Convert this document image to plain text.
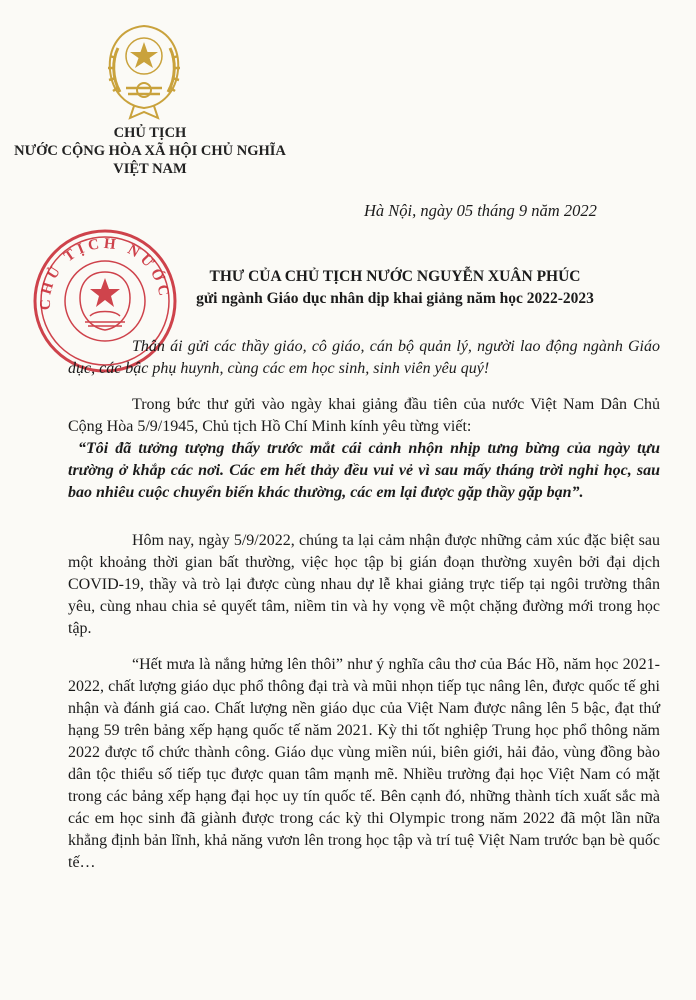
CHỦ TỊCH
NƯỚC CỘNG HÒA XÃ HỘI CHỦ NGHĨA
VIỆT NAM
Hà Nội, ngày 05 tháng 9 năm 2022
CHỦ TỊCH NƯỚC
THƯ CỦA CHỦ TỊCH NƯỚC NGUYỄN XUÂN PHÚC
gửi ngành Giáo dục nhân dịp khai giảng năm học 2022-2023

Thân ái gửi các thầy giáo, cô giáo, cán bộ quản lý, người lao động ngành Giáo dục, các bậc phụ huynh, cùng các em học sinh, sinh viên yêu quý!

Trong bức thư gửi vào ngày khai giảng đầu tiên của nước Việt Nam Dân Chủ Cộng Hòa 5/9/1945, Chủ tịch Hồ Chí Minh kính yêu từng viết:

“Tôi đã tưởng tượng thấy trước mắt cái cảnh nhộn nhịp tưng bừng của ngày tựu trường ở khắp các nơi. Các em hết thảy đều vui vẻ vì sau mấy tháng trời nghỉ học, sau bao nhiêu cuộc chuyển biến khác thường, các em lại được gặp thầy gặp bạn”.

Hôm nay, ngày 5/9/2022, chúng ta lại cảm nhận được những cảm xúc đặc biệt sau một khoảng thời gian bất thường, việc học tập bị gián đoạn thường xuyên bởi đại dịch COVID-19, thầy và trò lại được cùng nhau dự lễ khai giảng trực tiếp tại ngôi trường thân yêu, cùng nhau chia sẻ quyết tâm, niềm tin và hy vọng về một chặng đường mới trong học tập.

“Hết mưa là nắng hửng lên thôi” như ý nghĩa câu thơ của Bác Hồ, năm học 2021-2022, chất lượng giáo dục phổ thông đại trà và mũi nhọn tiếp tục nâng lên, được quốc tế ghi nhận và đánh giá cao. Chất lượng nền giáo dục của Việt Nam được nâng lên 5 bậc, đạt thứ hạng 59 trên bảng xếp hạng quốc tế năm 2021. Kỳ thi tốt nghiệp Trung học phổ thông năm 2022 được tổ chức thành công. Giáo dục vùng miền núi, biên giới, hải đảo, vùng đồng bào dân tộc thiểu số tiếp tục được quan tâm mạnh mẽ. Nhiều trường đại học Việt Nam có mặt trong các bảng xếp hạng đại học uy tín quốc tế. Bên cạnh đó, những thành tích xuất sắc mà các em học sinh đã giành được trong các kỳ thi Olympic trong năm 2022 đã một lần nữa khẳng định bản lĩnh, khả năng vươn lên trong học tập và trí tuệ Việt Nam trước bạn bè quốc tế…
